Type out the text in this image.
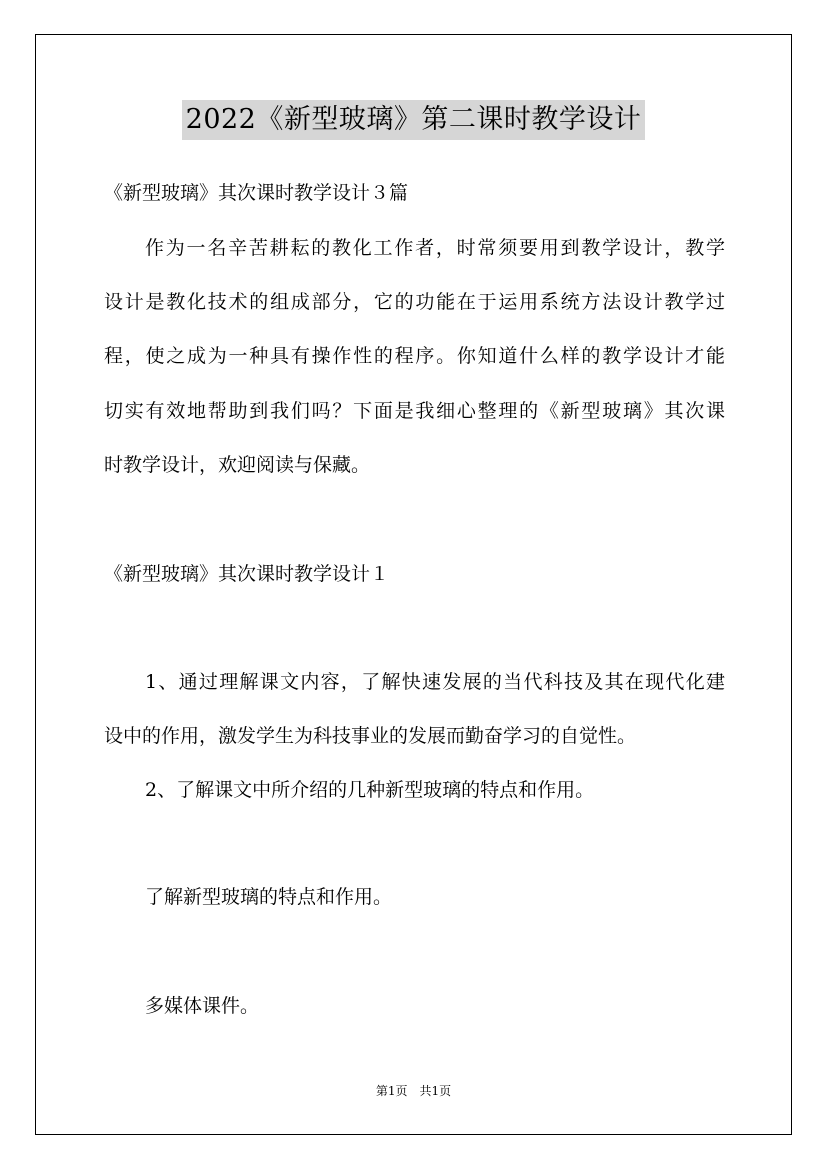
2022《新型玻璃》第二课时教学设计
《新型玻璃》其次课时教学设计３篇
作为一名辛苦耕耘的教化工作者，时常须要用到教学设计，教学
设计是教化技术的组成部分，它的功能在于运用系统方法设计教学过
程，使之成为一种具有操作性的程序。你知道什么样的教学设计才能
切实有效地帮助到我们吗？下面是我细心整理的《新型玻璃》其次课
时教学设计，欢迎阅读与保藏。
《新型玻璃》其次课时教学设计１
1、通过理解课文内容，了解快速发展的当代科技及其在现代化建
设中的作用，激发学生为科技事业的发展而勤奋学习的自觉性。
2、了解课文中所介绍的几种新型玻璃的特点和作用。
了解新型玻璃的特点和作用。
多媒体课件。
第1页　共1页
